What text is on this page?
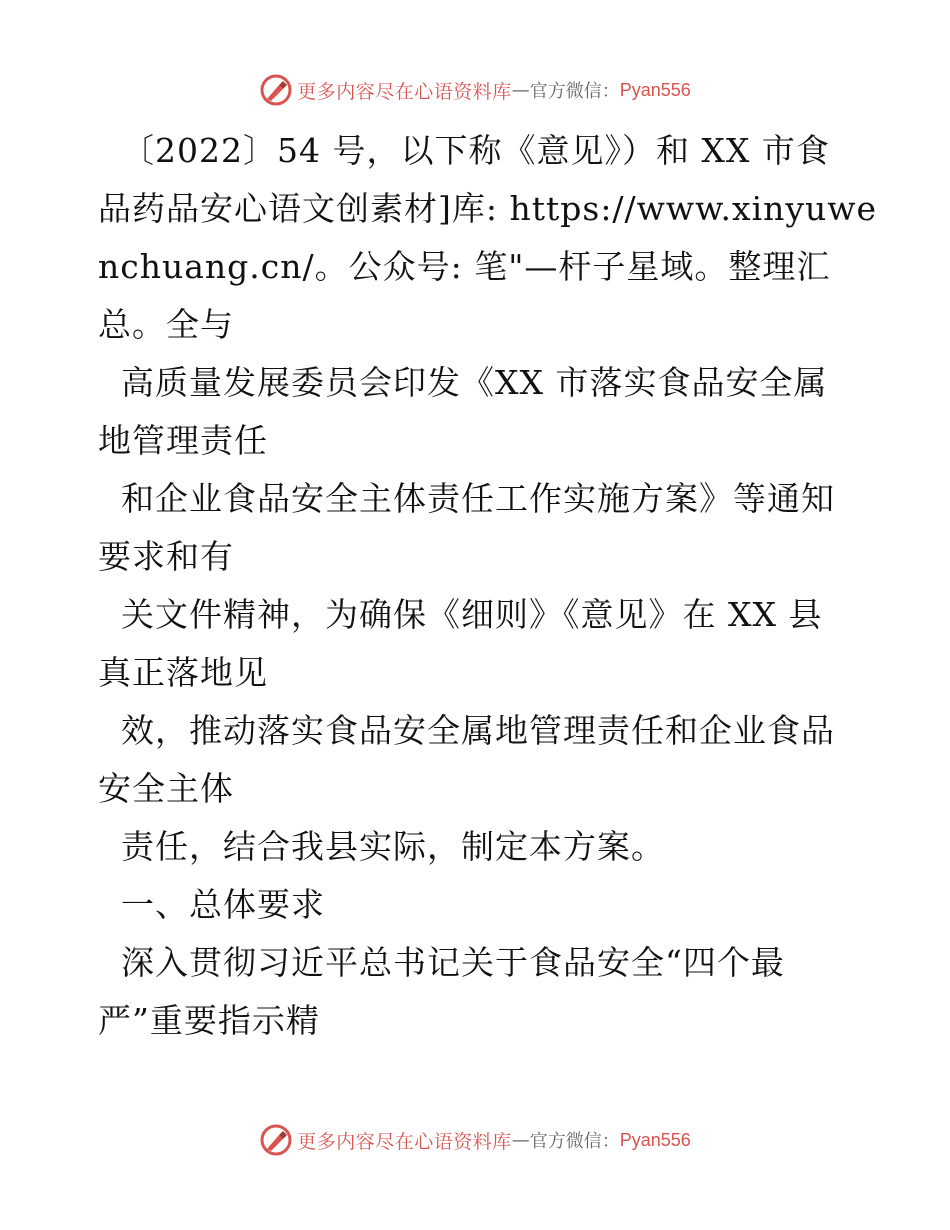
更多内容尽在心语资料库 — 官方微信： Pyan556
〔2022〕54 号，以下称《意见》）和 XX 市食
品药品安心语文创素材]库: https://www.xinyuwe
nchuang.cn/。公众号: 笔"—杆子星域。整理汇
总。全与
高质量发展委员会印发《XX 市落实食品安全属
地管理责任
和企业食品安全主体责任工作实施方案》等通知
要求和有
关文件精神，为确保《细则》《意见》在 XX 县
真正落地见
效，推动落实食品安全属地管理责任和企业食品
安全主体
责任，结合我县实际，制定本方案。
一、总体要求
深入贯彻习近平总书记关于食品安全“四个最
严”重要指示精
更多内容尽在心语资料库 — 官方微信： Pyan556
